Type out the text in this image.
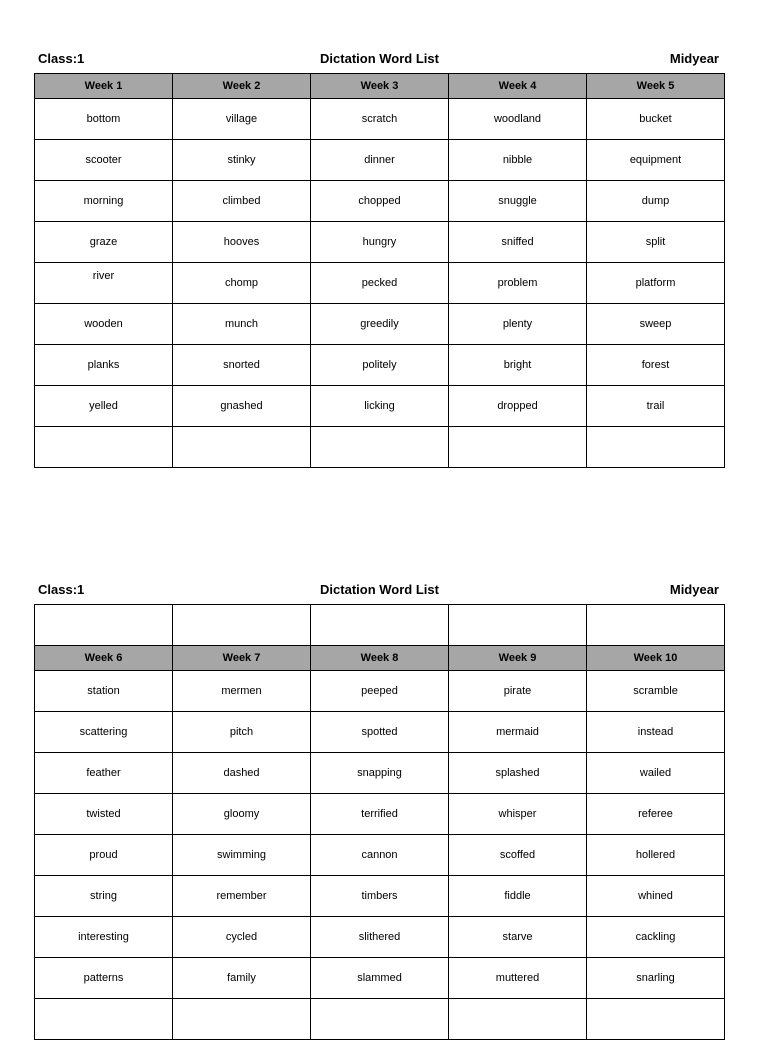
Class:1	Dictation Word List	Midyear
Week 1	Week 2	Week 3	Week 4	Week 5
bottom	village	scratch	woodland	bucket
scooter	stinky	dinner	nibble	equipment
morning	climbed	chopped	snuggle	dump
graze	hooves	hungry	sniffed	split
river	chomp	pecked	problem	platform
wooden	munch	greedily	plenty	sweep
planks	snorted	politely	bright	forest
yelled	gnashed	licking	dropped	trail

Class:1	Dictation Word List	Midyear

Week 6	Week 7	Week 8	Week 9	Week 10
station	mermen	peeped	pirate	scramble
scattering	pitch	spotted	mermaid	instead
feather	dashed	snapping	splashed	wailed
twisted	gloomy	terrified	whisper	referee
proud	swimming	cannon	scoffed	hollered
string	remember	timbers	fiddle	whined
interesting	cycled	slithered	starve	cackling
patterns	family	slammed	muttered	snarling
